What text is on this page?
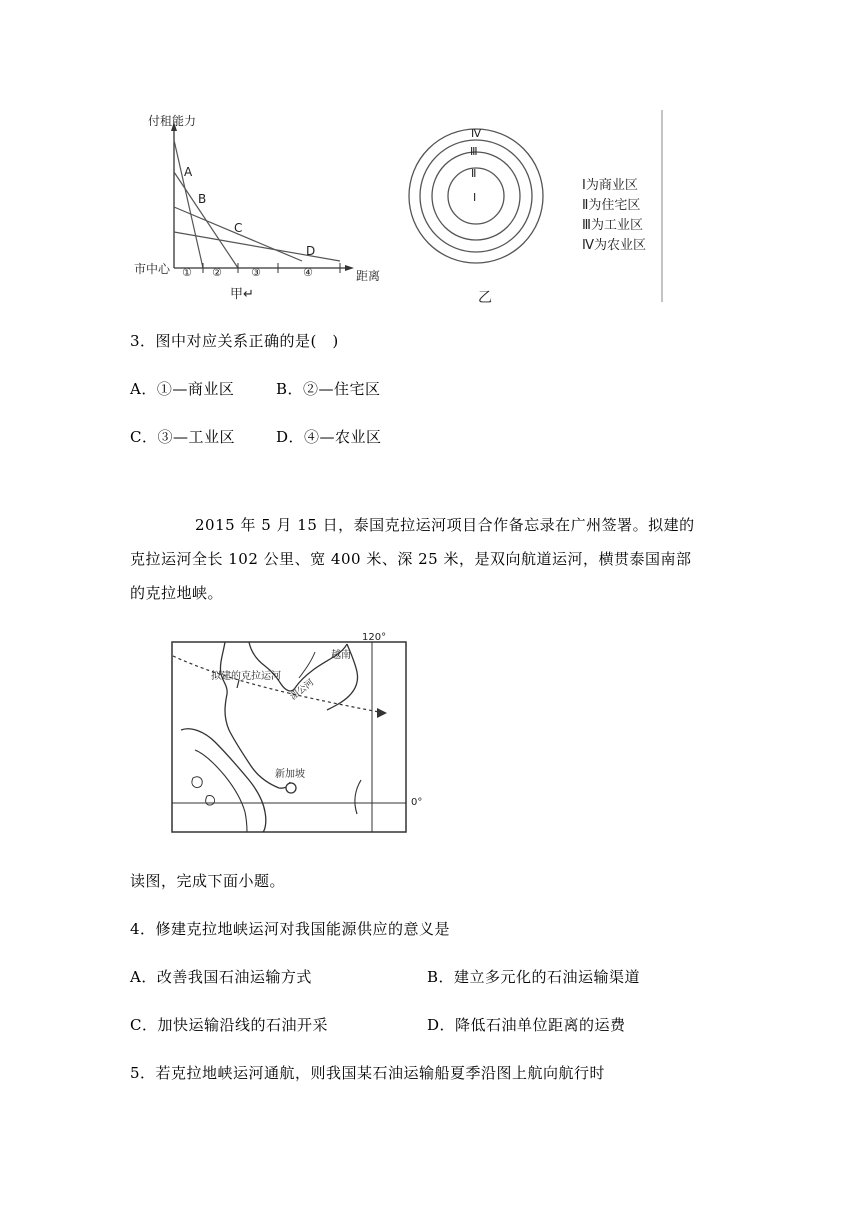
付租能力
距离
市中心
A
B
C
D
① ②	③	④
甲↵
Ⅳ
Ⅲ
Ⅱ
Ⅰ
乙
Ⅰ为商业区
Ⅱ为住宅区
Ⅲ为工业区
Ⅳ为农业区
3．图中对应关系正确的是(　)
A．①—商业区	B．②—住宅区
C．③—工业区	D．④—农业区
2015 年 5 月 15 日，泰国克拉运河项目合作备忘录在广州签署。拟建的
克拉运河全长 102 公里、宽 400 米、深 25 米，是双向航道运河，横贯泰国南部
的克拉地峡。
120°
0°
拟建的克拉运河
越南
湄公河
新加坡
读图，完成下面小题。
4．修建克拉地峡运河对我国能源供应的意义是
A．改善我国石油运输方式	B．建立多元化的石油运输渠道
C．加快运输沿线的石油开采	D．降低石油单位距离的运费
5．若克拉地峡运河通航，则我国某石油运输船夏季沿图上航向航行时
